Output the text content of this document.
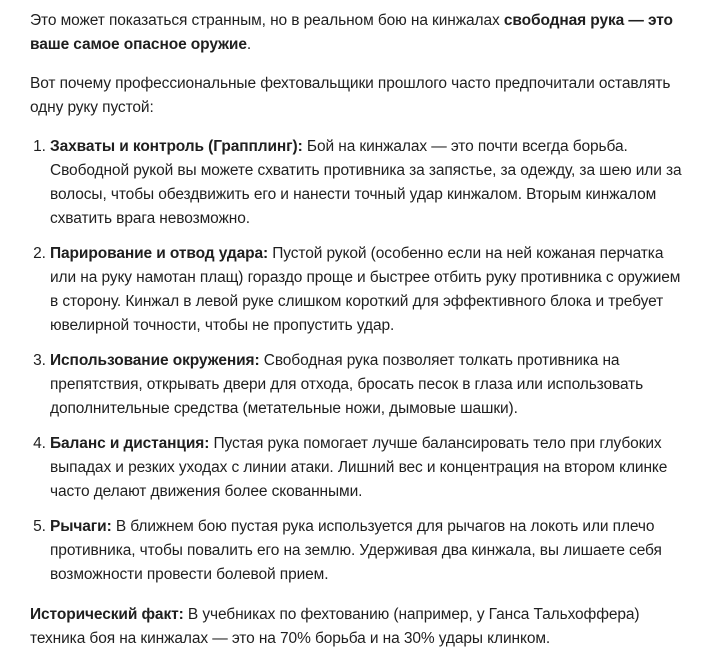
Это может показаться странным, но в реальном бою на кинжалах свободная рука — это ваше самое опасное оружие.

Вот почему профессиональные фехтовальщики прошлого часто предпочитали оставлять одну руку пустой:

1. Захваты и контроль (Грапплинг): Бой на кинжалах — это почти всегда борьба. Свободной рукой вы можете схватить противника за запястье, за одежду, за шею или за волосы, чтобы обездвижить его и нанести точный удар кинжалом. Вторым кинжалом схватить врага невозможно.
2. Парирование и отвод удара: Пустой рукой (особенно если на ней кожаная перчатка или на руку намотан плащ) гораздо проще и быстрее отбить руку противника с оружием в сторону. Кинжал в левой руке слишком короткий для эффективного блока и требует ювелирной точности, чтобы не пропустить удар.
3. Использование окружения: Свободная рука позволяет толкать противника на препятствия, открывать двери для отхода, бросать песок в глаза или использовать дополнительные средства (метательные ножи, дымовые шашки).
4. Баланс и дистанция: Пустая рука помогает лучше балансировать тело при глубоких выпадах и резких уходах с линии атаки. Лишний вес и концентрация на втором клинке часто делают движения более скованными.
5. Рычаги: В ближнем бою пустая рука используется для рычагов на локоть или плечо противника, чтобы повалить его на землю. Удерживая два кинжала, вы лишаете себя возможности провести болевой прием.

Исторический факт: В учебниках по фехтованию (например, у Ганса Тальхоффера) техника боя на кинжалах — это на 70% борьба и на 30% удары клинком.
